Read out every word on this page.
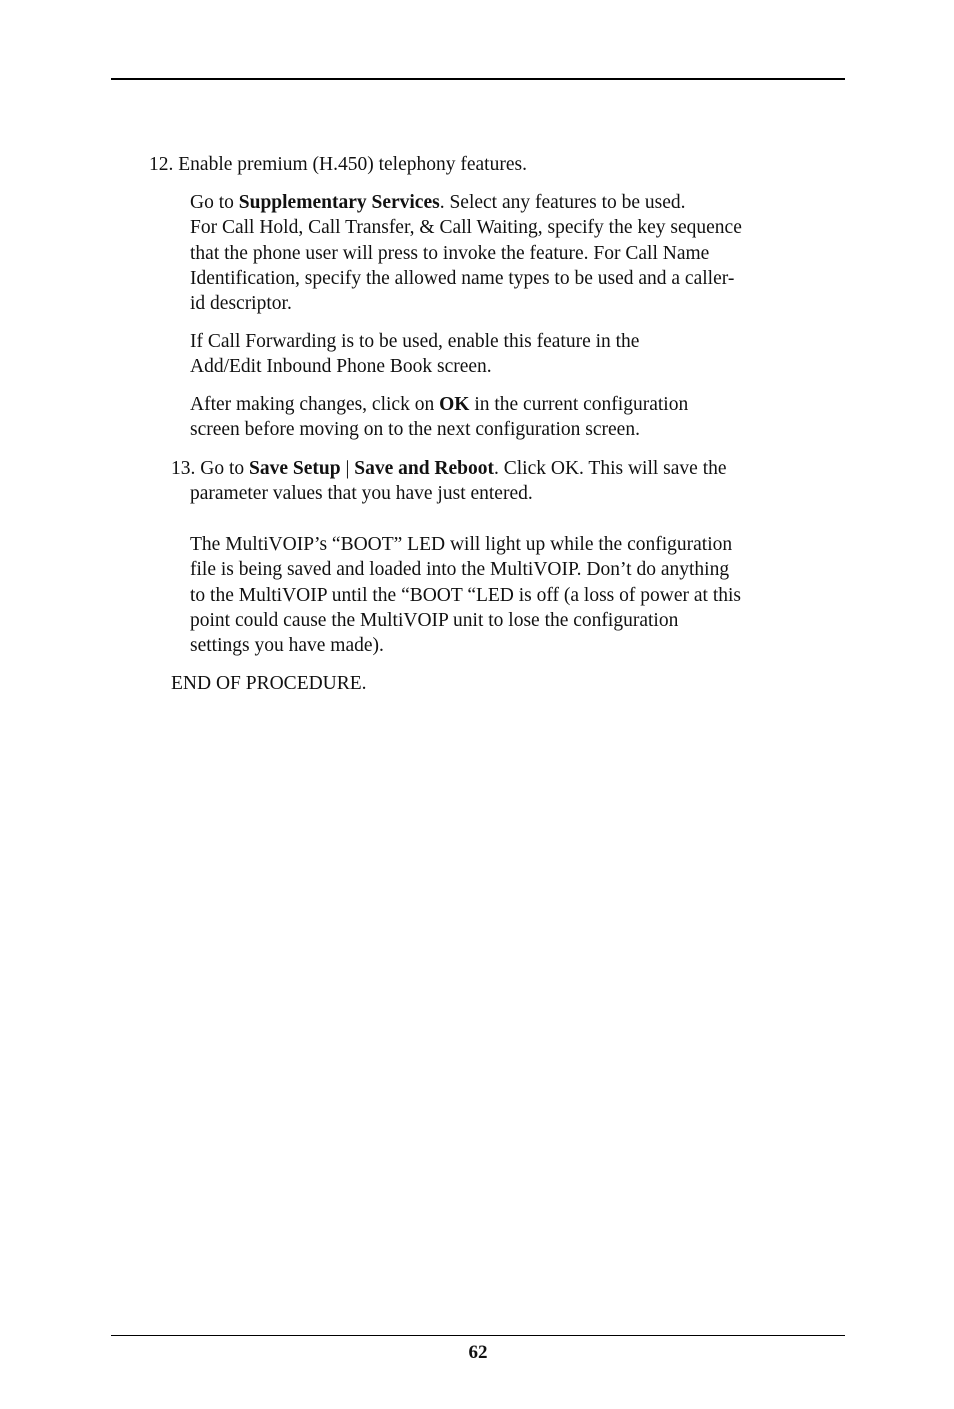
12. Enable premium (H.450) telephony features.

Go to Supplementary Services. Select any features to be used.
For Call Hold, Call Transfer, & Call Waiting, specify the key sequence
that the phone user will press to invoke the feature. For Call Name
Identification, specify the allowed name types to be used and a caller-
id descriptor.

If Call Forwarding is to be used, enable this feature in the
Add/Edit Inbound Phone Book screen.

After making changes, click on OK in the current configuration
screen before moving on to the next configuration screen.

13. Go to Save Setup | Save and Reboot. Click OK. This will save the
parameter values that you have just entered.

The MultiVOIP’s “BOOT” LED will light up while the configuration
file is being saved and loaded into the MultiVOIP. Don’t do anything
to the MultiVOIP until the “BOOT “LED is off (a loss of power at this
point could cause the MultiVOIP unit to lose the configuration
settings you have made).

END OF PROCEDURE.

62
